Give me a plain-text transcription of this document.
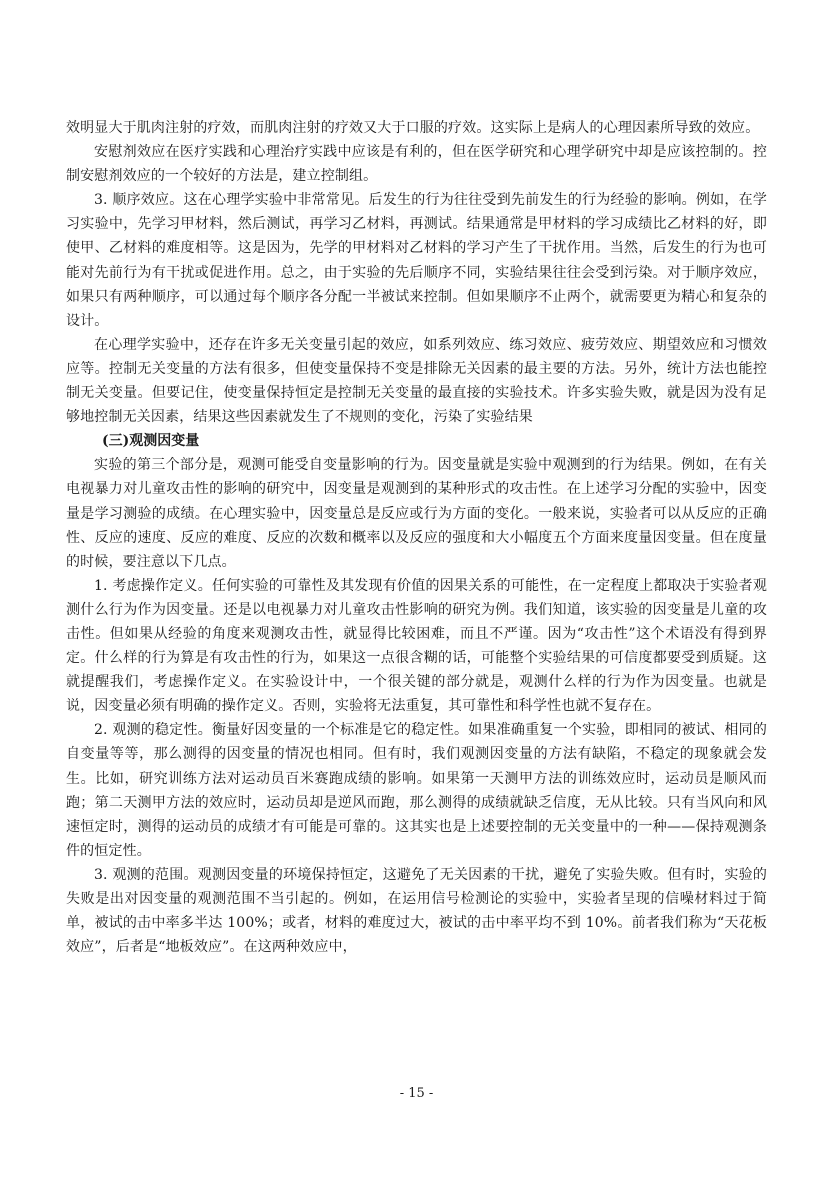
效明显大于肌肉注射的疗效，而肌肉注射的疗效又大于口服的疗效。这实际上是病人的心理因素所导致的效应。

安慰剂效应在医疗实践和心理治疗实践中应该是有利的，但在医学研究和心理学研究中却是应该控制的。控制安慰剂效应的一个较好的方法是，建立控制组。

3. 顺序效应。这在心理学实验中非常常见。后发生的行为往往受到先前发生的行为经验的影响。例如，在学习实验中，先学习甲材料，然后测试，再学习乙材料，再测试。结果通常是甲材料的学习成绩比乙材料的好，即使甲、乙材料的难度相等。这是因为，先学的甲材料对乙材料的学习产生了干扰作用。当然，后发生的行为也可能对先前行为有干扰或促进作用。总之，由于实验的先后顺序不同，实验结果往往会受到污染。对于顺序效应，如果只有两种顺序，可以通过每个顺序各分配一半被试来控制。但如果顺序不止两个，就需要更为精心和复杂的设计。

在心理学实验中，还存在许多无关变量引起的效应，如系列效应、练习效应、疲劳效应、期望效应和习惯效应等。控制无关变量的方法有很多，但使变量保持不变是排除无关因素的最主要的方法。另外，统计方法也能控制无关变量。但要记住，使变量保持恒定是控制无关变量的最直接的实验技术。许多实验失败，就是因为没有足够地控制无关因素，结果这些因素就发生了不规则的变化，污染了实验结果

(三)观测因变量

实验的第三个部分是，观测可能受自变量影响的行为。因变量就是实验中观测到的行为结果。例如，在有关电视暴力对儿童攻击性的影响的研究中，因变量是观测到的某种形式的攻击性。在上述学习分配的实验中，因变量是学习测验的成绩。在心理实验中，因变量总是反应或行为方面的变化。一般来说，实验者可以从反应的正确性、反应的速度、反应的难度、反应的次数和概率以及反应的强度和大小幅度五个方面来度量因变量。但在度量的时候，要注意以下几点。

1. 考虑操作定义。任何实验的可靠性及其发现有价值的因果关系的可能性，在一定程度上都取决于实验者观测什么行为作为因变量。还是以电视暴力对儿童攻击性影响的研究为例。我们知道，该实验的因变量是儿童的攻击性。但如果从经验的角度来观测攻击性，就显得比较困难，而且不严谨。因为“攻击性”这个术语没有得到界定。什么样的行为算是有攻击性的行为，如果这一点很含糊的话，可能整个实验结果的可信度都要受到质疑。这就提醒我们，考虑操作定义。在实验设计中，一个很关键的部分就是，观测什么样的行为作为因变量。也就是说，因变量必须有明确的操作定义。否则，实验将无法重复，其可靠性和科学性也就不复存在。

2. 观测的稳定性。衡量好因变量的一个标准是它的稳定性。如果准确重复一个实验，即相同的被试、相同的自变量等等，那么测得的因变量的情况也相同。但有时，我们观测因变量的方法有缺陷，不稳定的现象就会发生。比如，研究训练方法对运动员百米赛跑成绩的影响。如果第一天测甲方法的训练效应时，运动员是顺风而跑；第二天测甲方法的效应时，运动员却是逆风而跑，那么测得的成绩就缺乏信度，无从比较。只有当风向和风速恒定时，测得的运动员的成绩才有可能是可靠的。这其实也是上述要控制的无关变量中的一种——保持观测条件的恒定性。

3. 观测的范围。观测因变量的环境保持恒定，这避免了无关因素的干扰，避免了实验失败。但有时，实验的失败是出对因变量的观测范围不当引起的。例如，在运用信号检测论的实验中，实验者呈现的信噪材料过于简单，被试的击中率多半达 100%；或者，材料的难度过大，被试的击中率平均不到 10%。前者我们称为“天花板效应”，后者是“地板效应”。在这两种效应中，

- 15 -
